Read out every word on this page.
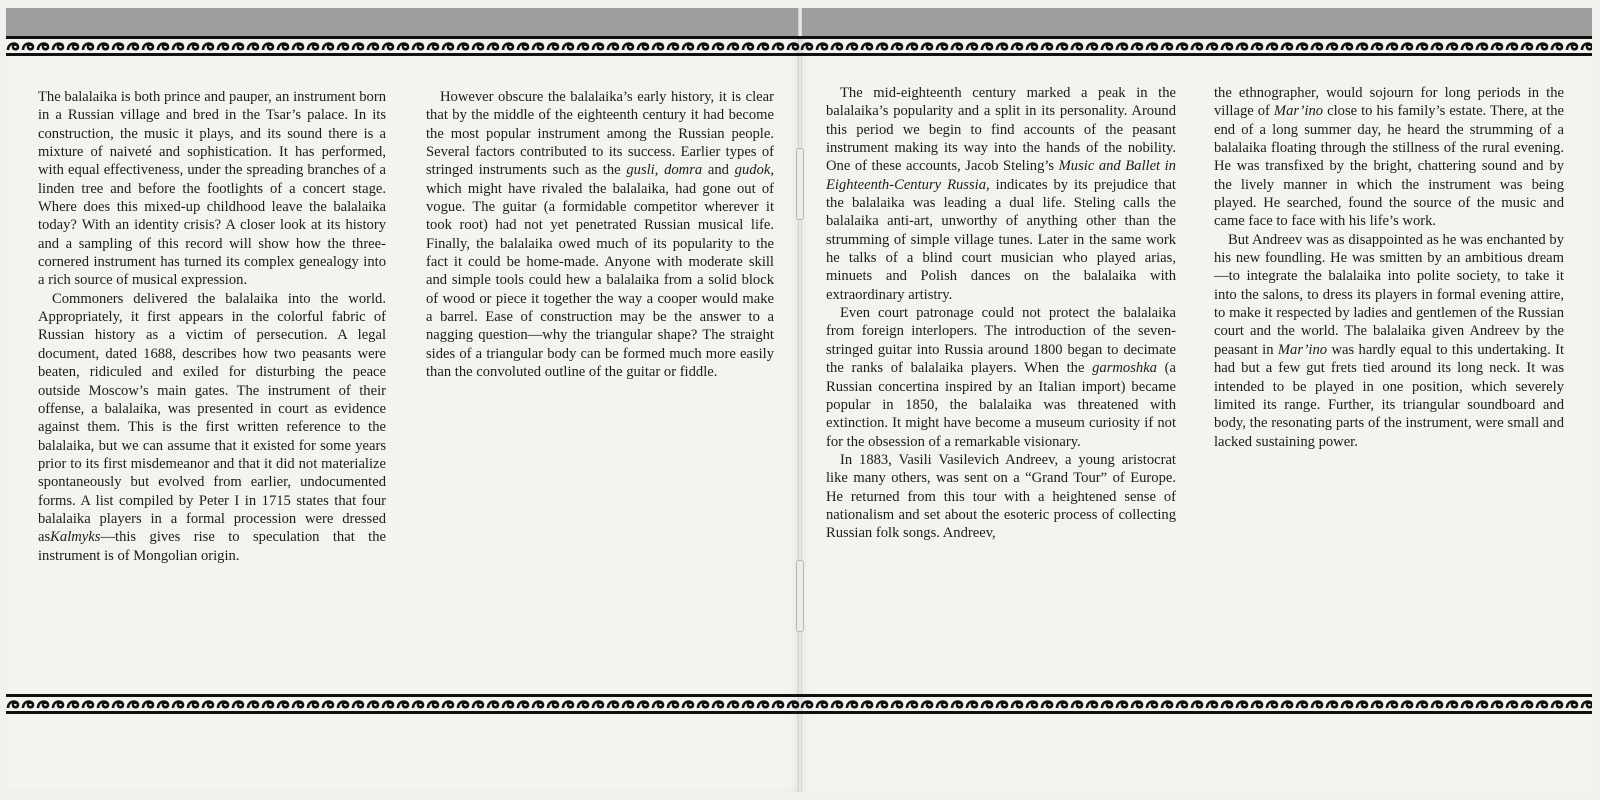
The balalaika is both prince and pauper, an instrument born in a Russian village and bred in the Tsar’s palace. In its construction, the music it plays, and its sound there is a mixture of naiveté and sophistication. It has performed, with equal effectiveness, under the spreading branches of a linden tree and before the footlights of a concert stage. Where does this mixed-up childhood leave the balalaika today? With an identity crisis? A closer look at its history and a sampling of this record will show how the three-cornered instrument has turned its complex genealogy into a rich source of musical expression.

Commoners delivered the balalaika into the world. Appropriately, it first appears in the colorful fabric of Russian history as a victim of persecution. A legal document, dated 1688, describes how two peasants were beaten, ridiculed and exiled for disturbing the peace outside Moscow’s main gates. The instrument of their offense, a balalaika, was presented in court as evidence against them. This is the first written reference to the balalaika, but we can assume that it existed for some years prior to its first misdemeanor and that it did not materialize spontaneously but evolved from earlier, undocumented forms. A list compiled by Peter I in 1715 states that four balalaika players in a formal procession were dressed asKalmyks—this gives rise to speculation that the instrument is of Mongolian origin.

However obscure the balalaika’s early history, it is clear that by the middle of the eighteenth century it had become the most popular instrument among the Russian people. Several factors contributed to its success. Earlier types of stringed instruments such as the gusli, domra and gudok, which might have rivaled the balalaika, had gone out of vogue. The guitar (a formidable competitor wherever it took root) had not yet penetrated Russian musical life. Finally, the balalaika owed much of its popularity to the fact it could be home-made. Anyone with moderate skill and simple tools could hew a balalaika from a solid block of wood or piece it together the way a cooper would make a barrel. Ease of construction may be the answer to a nagging question—why the triangular shape? The straight sides of a triangular body can be formed much more easily than the convoluted outline of the guitar or fiddle.

The mid-eighteenth century marked a peak in the balalaika’s popularity and a split in its personality. Around this period we begin to find accounts of the peasant instrument making its way into the hands of the nobility. One of these accounts, Jacob Steling’s Music and Ballet in Eighteenth-Century Russia, indicates by its prejudice that the balalaika was leading a dual life. Steling calls the balalaika anti-art, unworthy of anything other than the strumming of simple village tunes. Later in the same work he talks of a blind court musician who played arias, minuets and Polish dances on the balalaika with extraordinary artistry.

Even court patronage could not protect the balalaika from foreign interlopers. The introduction of the seven-stringed guitar into Russia around 1800 began to decimate the ranks of balalaika players. When the garmoshka (a Russian concertina inspired by an Italian import) became popular in 1850, the balalaika was threatened with extinction. It might have become a museum curiosity if not for the obsession of a remarkable visionary.

In 1883, Vasili Vasilevich Andreev, a young aristocrat like many others, was sent on a “Grand Tour” of Europe. He returned from this tour with a heightened sense of nationalism and set about the esoteric process of collecting Russian folk songs. Andreev,

the ethnographer, would sojourn for long periods in the village of Mar’ino close to his family’s estate. There, at the end of a long summer day, he heard the strumming of a balalaika floating through the stillness of the rural evening. He was transfixed by the bright, chattering sound and by the lively manner in which the instrument was being played. He searched, found the source of the music and came face to face with his life’s work.

But Andreev was as disappointed as he was enchanted by his new foundling. He was smitten by an ambitious dream—to integrate the balalaika into polite society, to take it into the salons, to dress its players in formal evening attire, to make it respected by ladies and gentlemen of the Russian court and the world. The balalaika given Andreev by the peasant in Mar’ino was hardly equal to this undertaking. It had but a few gut frets tied around its long neck. It was intended to be played in one position, which severely limited its range. Further, its triangular soundboard and body, the resonating parts of the instrument, were small and lacked sustaining power.
